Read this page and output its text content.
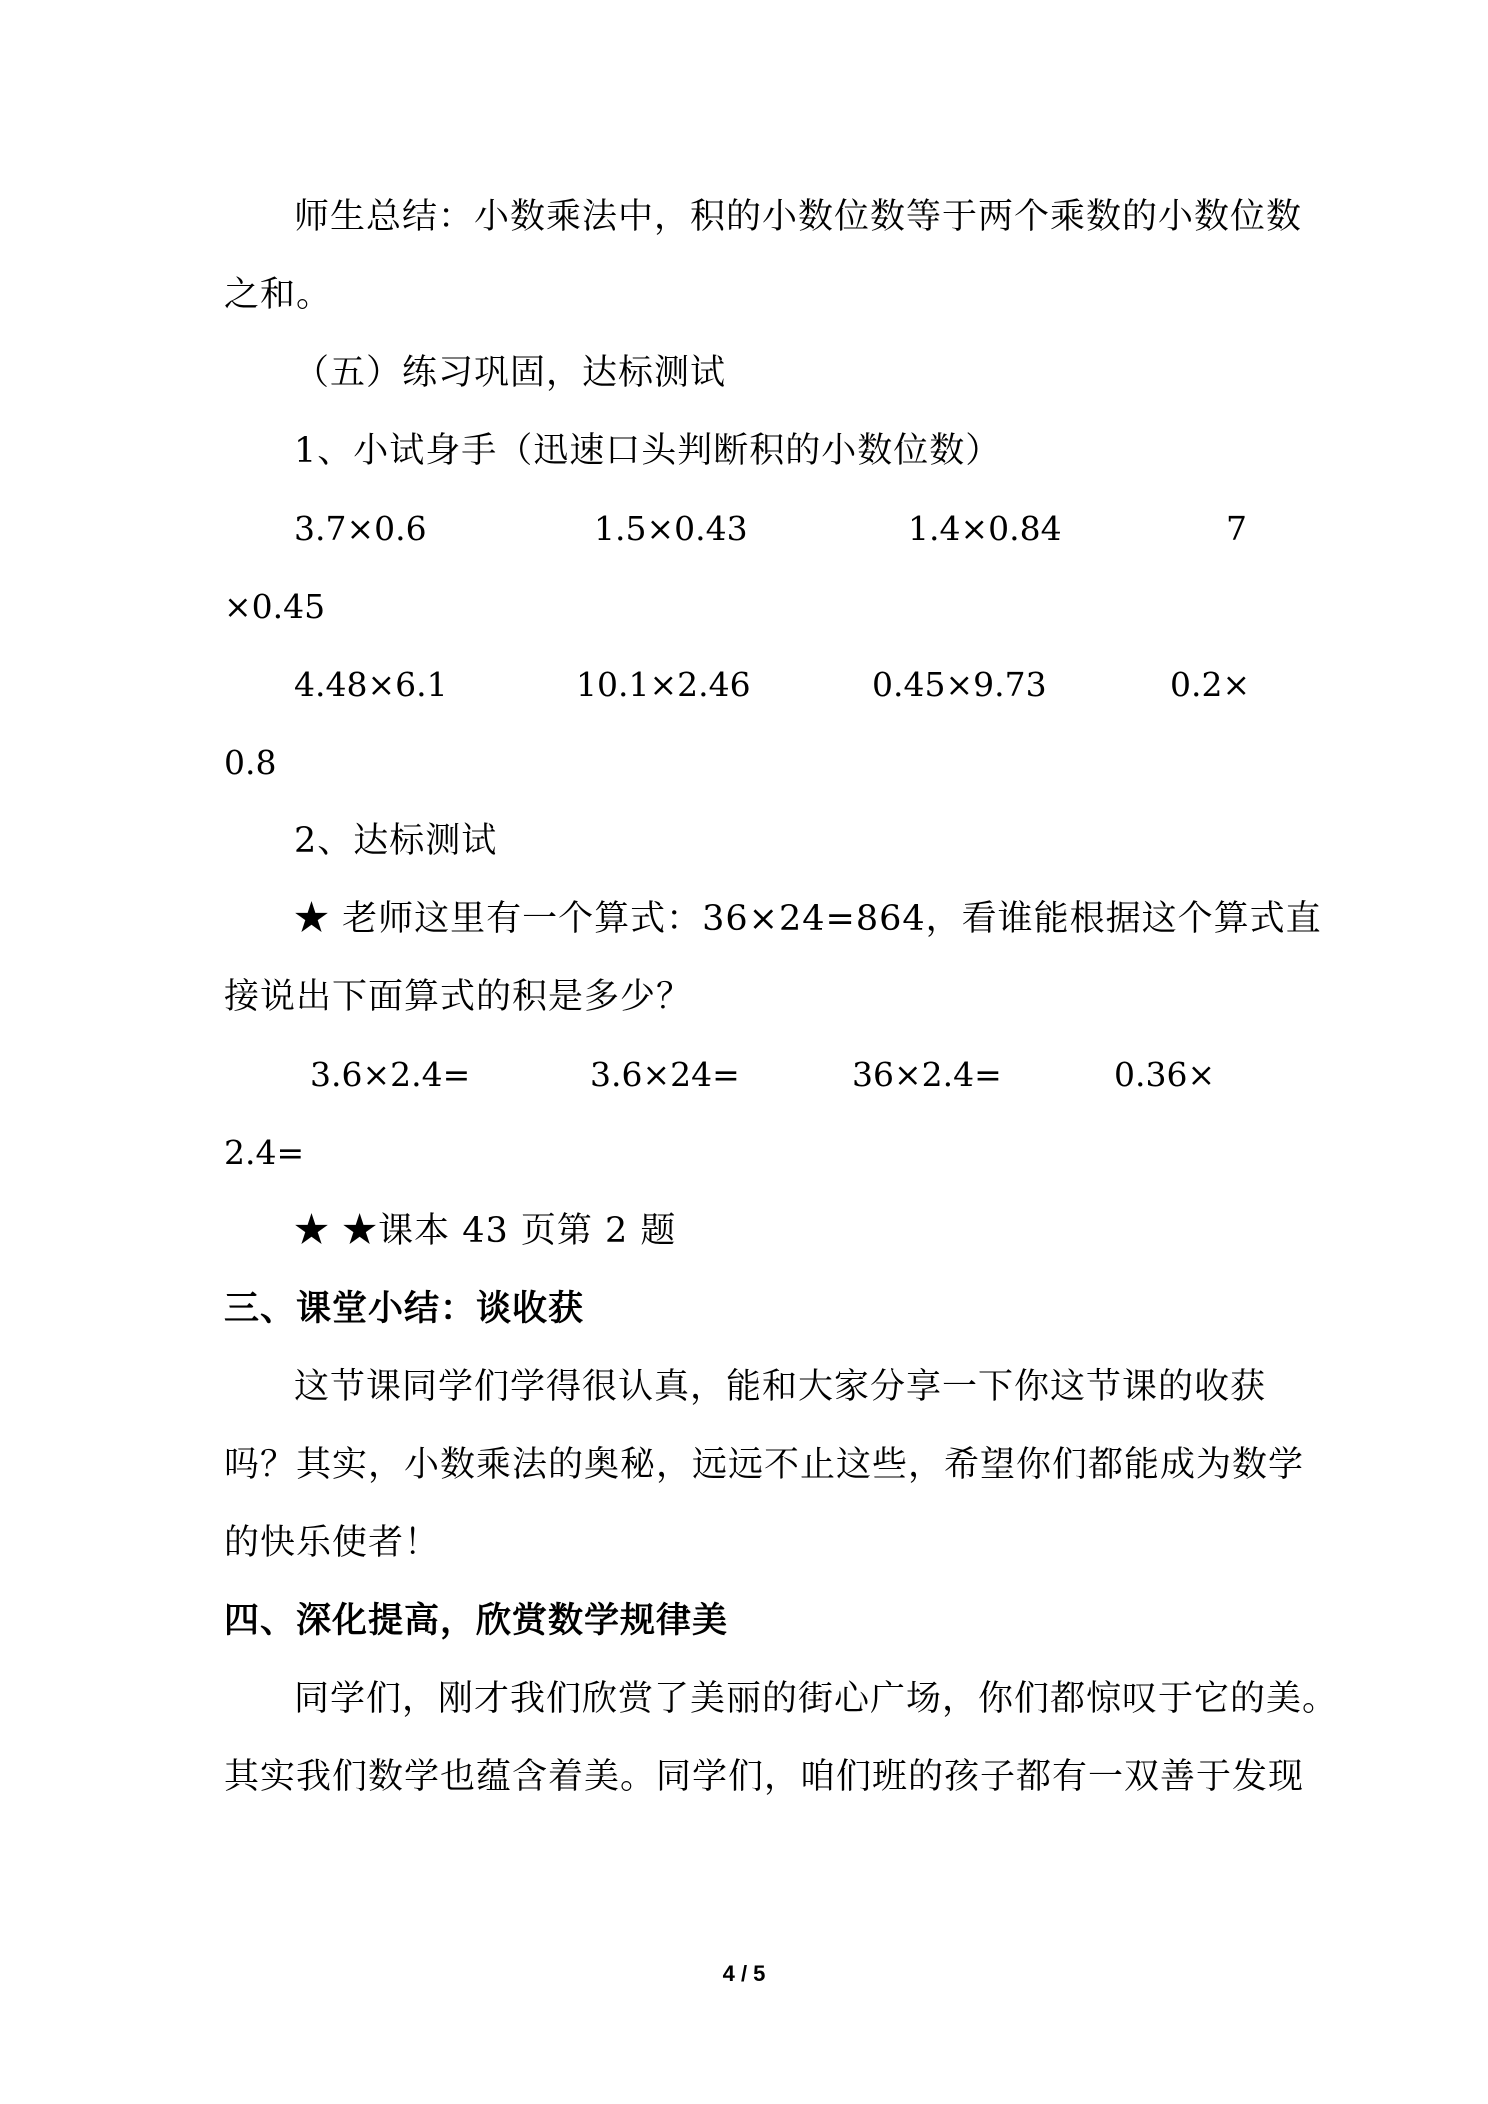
师生总结：小数乘法中，积的小数位数等于两个乘数的小数位数
之和。
（五）练习巩固，达标测试
1、小试身手（迅速口头判断积的小数位数）
3.7×0.6	1.5×0.43	1.4×0.84	7
×0.45
4.48×6.1	10.1×2.46	0.45×9.73	0.2×
0.8
2、达标测试
★ 老师这里有一个算式：36×24=864，看谁能根据这个算式直
接说出下面算式的积是多少？
3.6×2.4=	3.6×24=	36×2.4=	0.36×
2.4=
★ ★课本 43 页第 2 题
三、课堂小结：谈收获
这节课同学们学得很认真，能和大家分享一下你这节课的收获
吗？其实，小数乘法的奥秘，远远不止这些，希望你们都能成为数学
的快乐使者！
四、深化提高，欣赏数学规律美
同学们，刚才我们欣赏了美丽的街心广场，你们都惊叹于它的美。
其实我们数学也蕴含着美。同学们，咱们班的孩子都有一双善于发现
4 / 5
